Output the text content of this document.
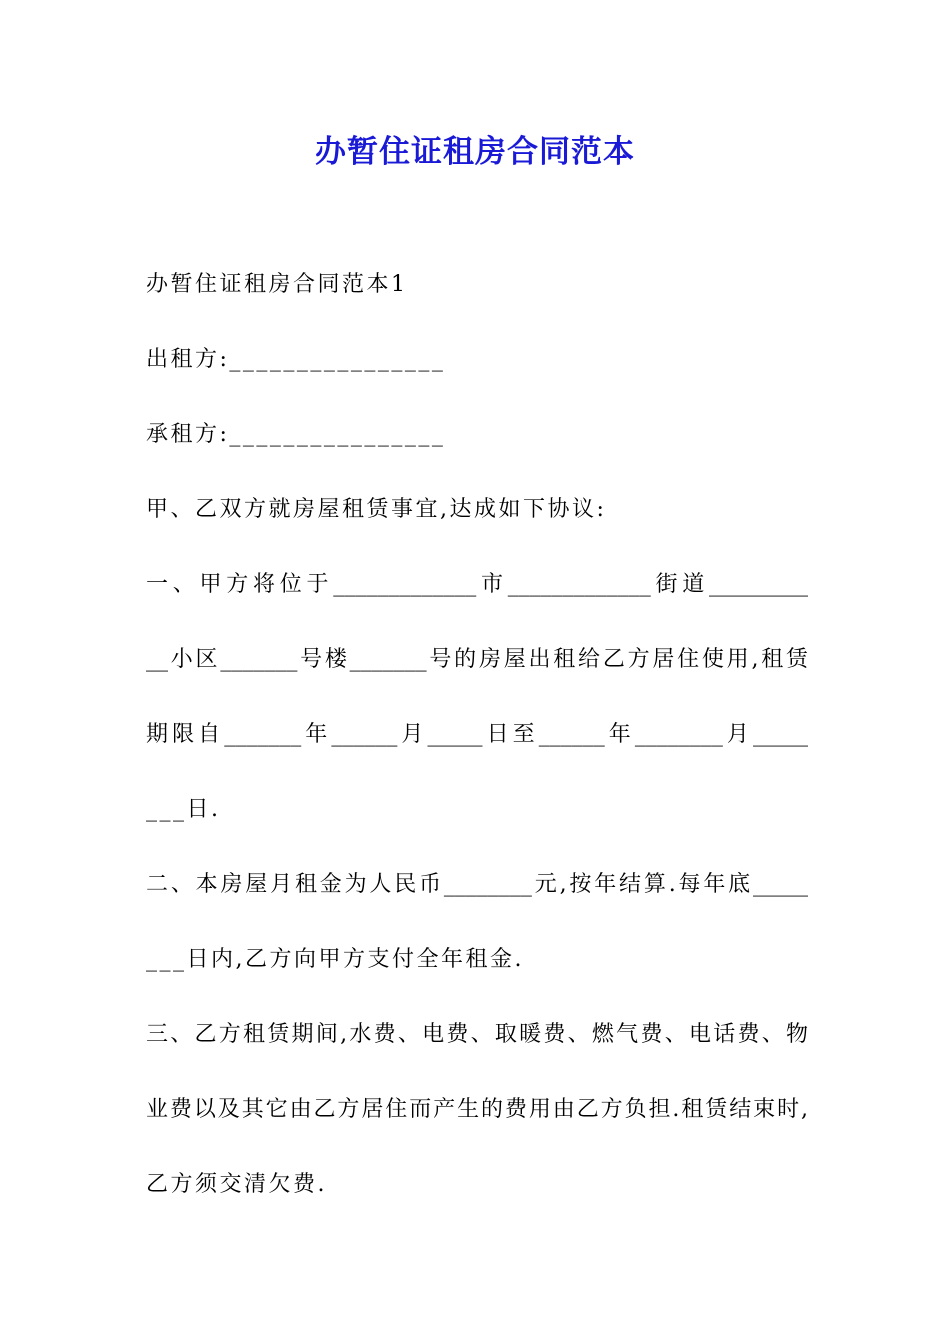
办暂住证租房合同范本

办暂住证租房合同范本1

出租方:________________

承租方:________________

甲、乙双方就房屋租赁事宜,达成如下协议:

一、甲方将位于_____________市_____________街道_________

__小区_______号楼_______号的房屋出租给乙方居住使用,租赁

期限自_______年______月_____日至______年________月_____

___日.

二、本房屋月租金为人民币________元,按年结算.每年底_____

___日内,乙方向甲方支付全年租金.

三、乙方租赁期间,水费、电费、取暖费、燃气费、电话费、物

业费以及其它由乙方居住而产生的费用由乙方负担.租赁结束时,

乙方须交清欠费.
